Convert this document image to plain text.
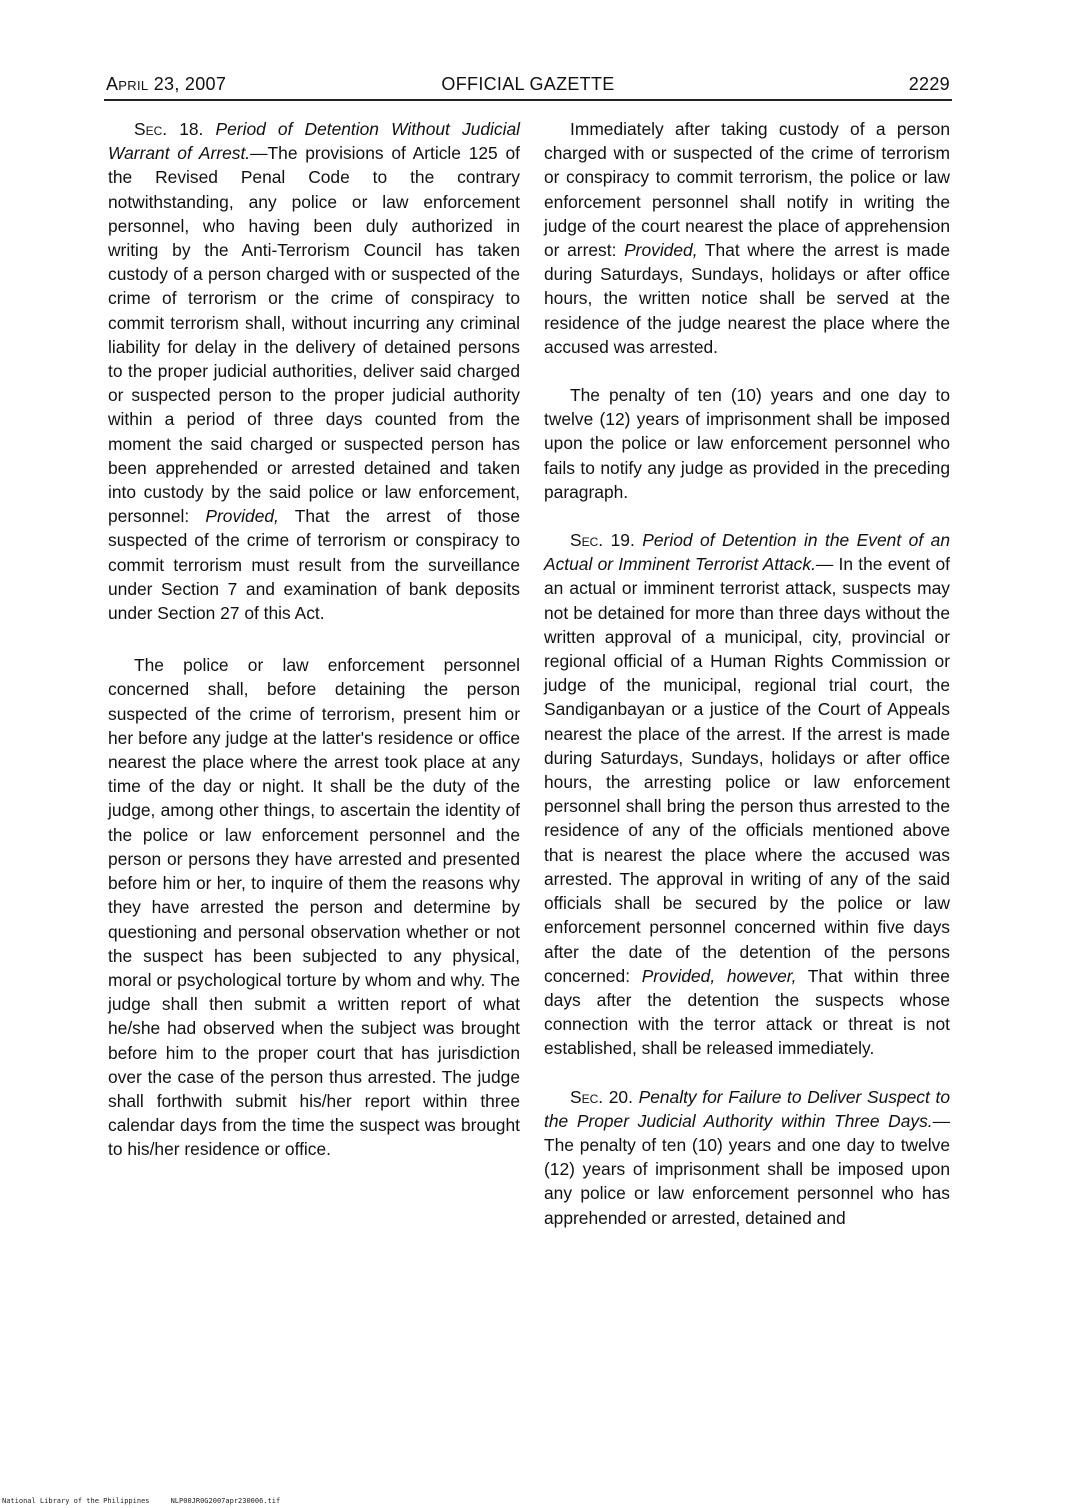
April 23, 2007	OFFICIAL GAZETTE	2229

Sec. 18. Period of Detention Without Judicial Warrant of Arrest.—The provisions of Article 125 of the Revised Penal Code to the contrary notwithstanding, any police or law enforcement personnel, who having been duly authorized in writing by the Anti-Terrorism Council has taken custody of a person charged with or suspected of the crime of terrorism or the crime of conspiracy to commit terrorism shall, without incurring any criminal liability for delay in the delivery of detained persons to the proper judicial authorities, deliver said charged or suspected person to the proper judicial authority within a period of three days counted from the moment the said charged or suspected person has been apprehended or arrested detained and taken into custody by the said police or law enforcement, personnel: Provided, That the arrest of those suspected of the crime of terrorism or conspiracy to commit terrorism must result from the surveillance under Section 7 and examination of bank deposits under Section 27 of this Act.

The police or law enforcement personnel concerned shall, before detaining the person suspected of the crime of terrorism, present him or her before any judge at the latter's residence or office nearest the place where the arrest took place at any time of the day or night. It shall be the duty of the judge, among other things, to ascertain the identity of the police or law enforcement personnel and the person or persons they have arrested and presented before him or her, to inquire of them the reasons why they have arrested the person and determine by questioning and personal observation whether or not the suspect has been subjected to any physical, moral or psychological torture by whom and why. The judge shall then submit a written report of what he/she had observed when the subject was brought before him to the proper court that has jurisdiction over the case of the person thus arrested. The judge shall forthwith submit his/her report within three calendar days from the time the suspect was brought to his/her residence or office.

Immediately after taking custody of a person charged with or suspected of the crime of terrorism or conspiracy to commit terrorism, the police or law enforcement personnel shall notify in writing the judge of the court nearest the place of apprehension or arrest: Provided, That where the arrest is made during Saturdays, Sundays, holidays or after office hours, the written notice shall be served at the residence of the judge nearest the place where the accused was arrested.

The penalty of ten (10) years and one day to twelve (12) years of imprisonment shall be imposed upon the police or law enforcement personnel who fails to notify any judge as provided in the preceding paragraph.

Sec. 19. Period of Detention in the Event of an Actual or Imminent Terrorist Attack.— In the event of an actual or imminent terrorist attack, suspects may not be detained for more than three days without the written approval of a municipal, city, provincial or regional official of a Human Rights Commission or judge of the municipal, regional trial court, the Sandiganbayan or a justice of the Court of Appeals nearest the place of the arrest. If the arrest is made during Saturdays, Sundays, holidays or after office hours, the arresting police or law enforcement personnel shall bring the person thus arrested to the residence of any of the officials mentioned above that is nearest the place where the accused was arrested. The approval in writing of any of the said officials shall be secured by the police or law enforcement personnel concerned within five days after the date of the detention of the persons concerned: Provided, however, That within three days after the detention the suspects whose connection with the terror attack or threat is not established, shall be released immediately.

Sec. 20. Penalty for Failure to Deliver Suspect to the Proper Judicial Authority within Three Days.—The penalty of ten (10) years and one day to twelve (12) years of imprisonment shall be imposed upon any police or law enforcement personnel who has apprehended or arrested, detained and

National Library of the Philippines	NLP00JR0G2007apr230006.tif
